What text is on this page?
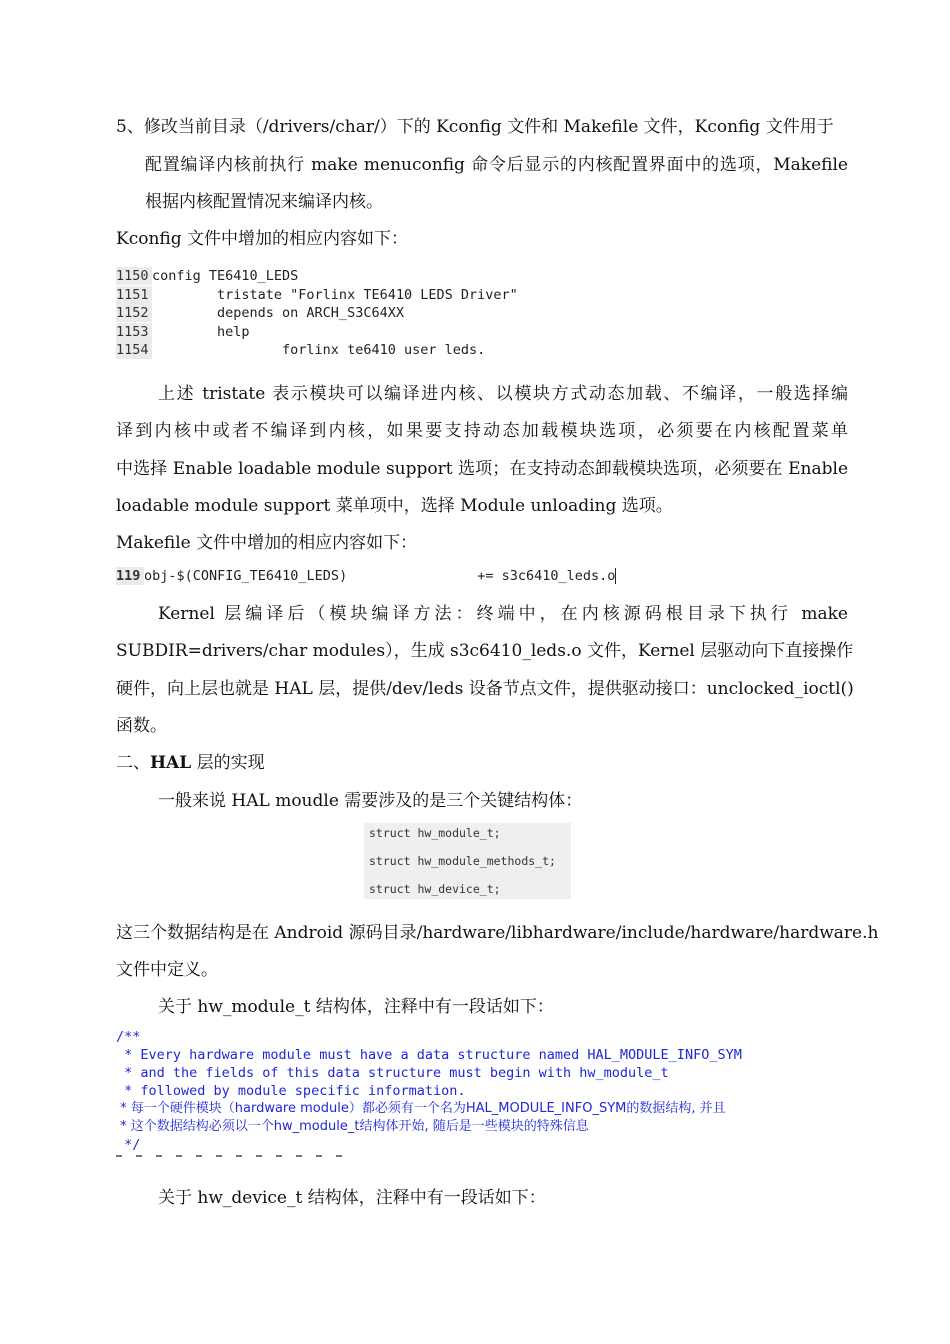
5、修改当前目录（/drivers/char/）下的 Kconfig 文件和 Makefile 文件，Kconfig 文件用于
配置编译内核前执行 make menuconfig 命令后显示的内核配置界面中的选项，Makefile
根据内核配置情况来编译内核。
Kconfig 文件中增加的相应内容如下：
1150 config TE6410_LEDS
1151        tristate "Forlinx TE6410 LEDS Driver"
1152        depends on ARCH_S3C64XX
1153        help
1154                forlinx te6410 user leds.
上述 tristate 表示模块可以编译进内核、以模块方式动态加载、不编译，一般选择编
译到内核中或者不编译到内核，如果要支持动态加载模块选项，必须要在内核配置菜单
中选择 Enable loadable module support 选项；在支持动态卸载模块选项，必须要在 Enable
loadable module support 菜单项中，选择 Module unloading 选项。
Makefile 文件中增加的相应内容如下：
119 obj-$(CONFIG_TE6410_LEDS)                += s3c6410_leds.o
Kernel 层编译后（模块编译方法：终端中，在内核源码根目录下执行 make
SUBDIR=drivers/char modules），生成 s3c6410_leds.o 文件，Kernel 层驱动向下直接操作
硬件，向上层也就是 HAL 层，提供/dev/leds 设备节点文件，提供驱动接口：unclocked_ioctl()
函数。
二、HAL 层的实现
一般来说 HAL moudle 需要涉及的是三个关键结构体：
struct hw_module_t;
struct hw_module_methods_t;
struct hw_device_t;
这三个数据结构是在 Android 源码目录/hardware/libhardware/include/hardware/hardware.h
文件中定义。
关于 hw_module_t 结构体，注释中有一段话如下：
/**
* Every hardware module must have a data structure named HAL_MODULE_INFO_SYM
* and the fields of this data structure must begin with hw_module_t
* followed by module specific information.
* 每一个硬件模块（hardware module）都必须有一个名为HAL_MODULE_INFO_SYM的数据结构, 并且
* 这个数据结构必须以一个hw_module_t结构体开始, 随后是一些模块的特殊信息
*/
关于 hw_device_t 结构体，注释中有一段话如下：
